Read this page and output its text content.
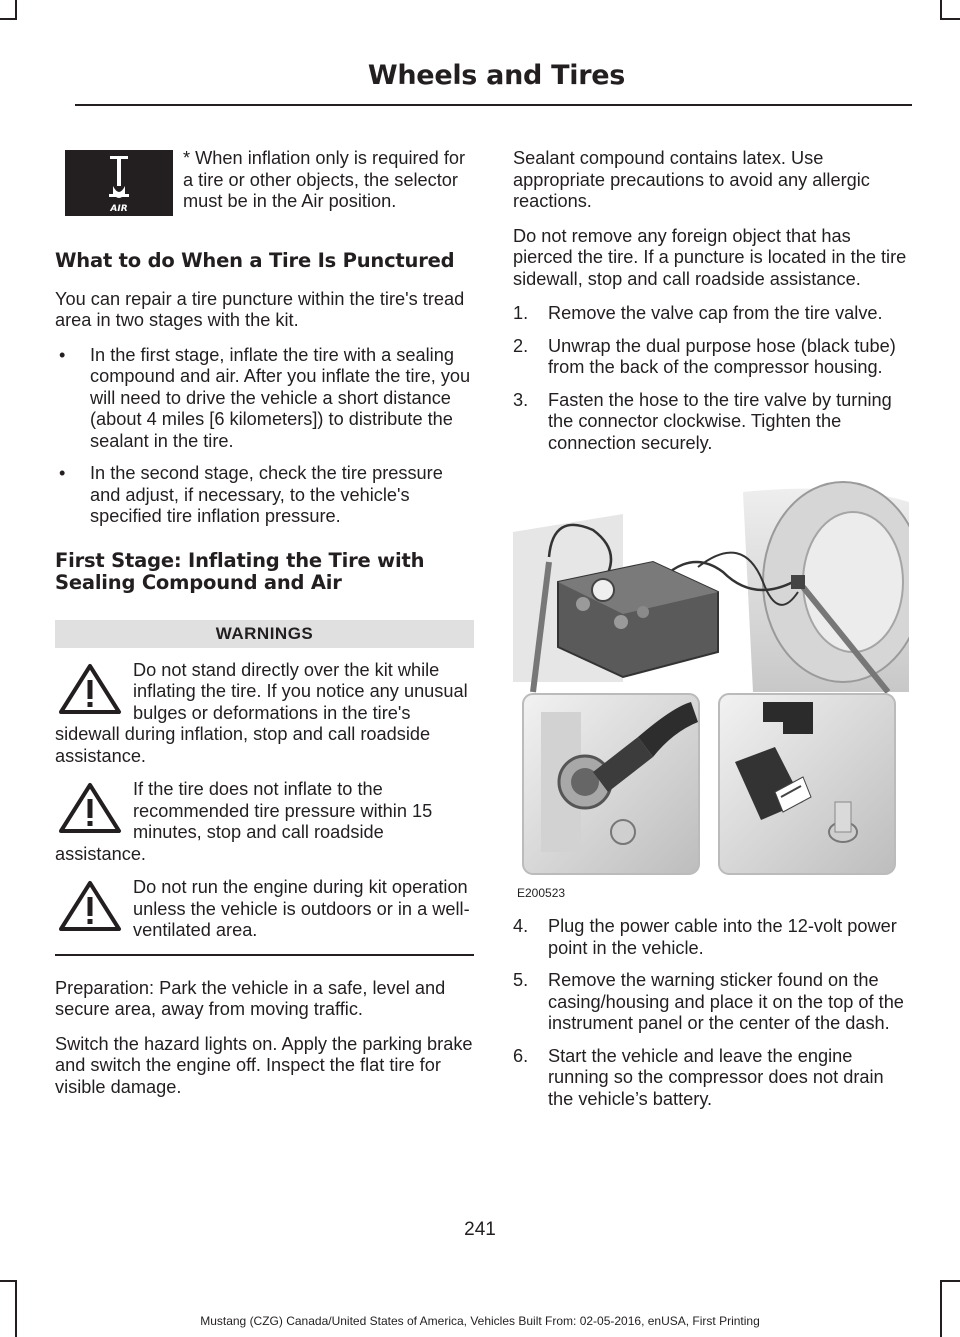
Wheels and Tires
AIR

* When inflation only is required for a tire or other objects, the selector must be in the Air position.

What to do When a Tire Is Punctured

You can repair a tire puncture within the tire's tread area in two stages with the kit.

• In the first stage, inflate the tire with a sealing compound and air. After you inflate the tire, you will need to drive the vehicle a short distance (about 4 miles [6 kilometers]) to distribute the sealant in the tire.
• In the second stage, check the tire pressure and adjust, if necessary, to the vehicle's specified tire inflation pressure.
First Stage: Inflating the Tire with Sealing Compound and Air
WARNINGS

Do not stand directly over the kit while inflating the tire. If you notice any unusual bulges or deformations in the tire's sidewall during inflation, stop and call roadside assistance.

If the tire does not inflate to the recommended tire pressure within 15 minutes, stop and call roadside assistance.

Do not run the engine during kit operation unless the vehicle is outdoors or in a well-ventilated area.

Preparation: Park the vehicle in a safe, level and secure area, away from moving traffic.

Switch the hazard lights on. Apply the parking brake and switch the engine off. Inspect the flat tire for visible damage.

Sealant compound contains latex. Use appropriate precautions to avoid any allergic reactions.

Do not remove any foreign object that has pierced the tire. If a puncture is located in the tire sidewall, stop and call roadside assistance.

1. Remove the valve cap from the tire valve.
2. Unwrap the dual purpose hose (black tube) from the back of the compressor housing.
3. Fasten the hose to the tire valve by turning the connector clockwise. Tighten the connection securely.
E200523
4. Plug the power cable into the 12-volt power point in the vehicle.
5. Remove the warning sticker found on the casing/housing and place it on the top of the instrument panel or the center of the dash.
6. Start the vehicle and leave the engine running so the compressor does not drain the vehicle’s battery.
241
Mustang (CZG) Canada/United States of America, Vehicles Built From: 02-05-2016, enUSA, First Printing
